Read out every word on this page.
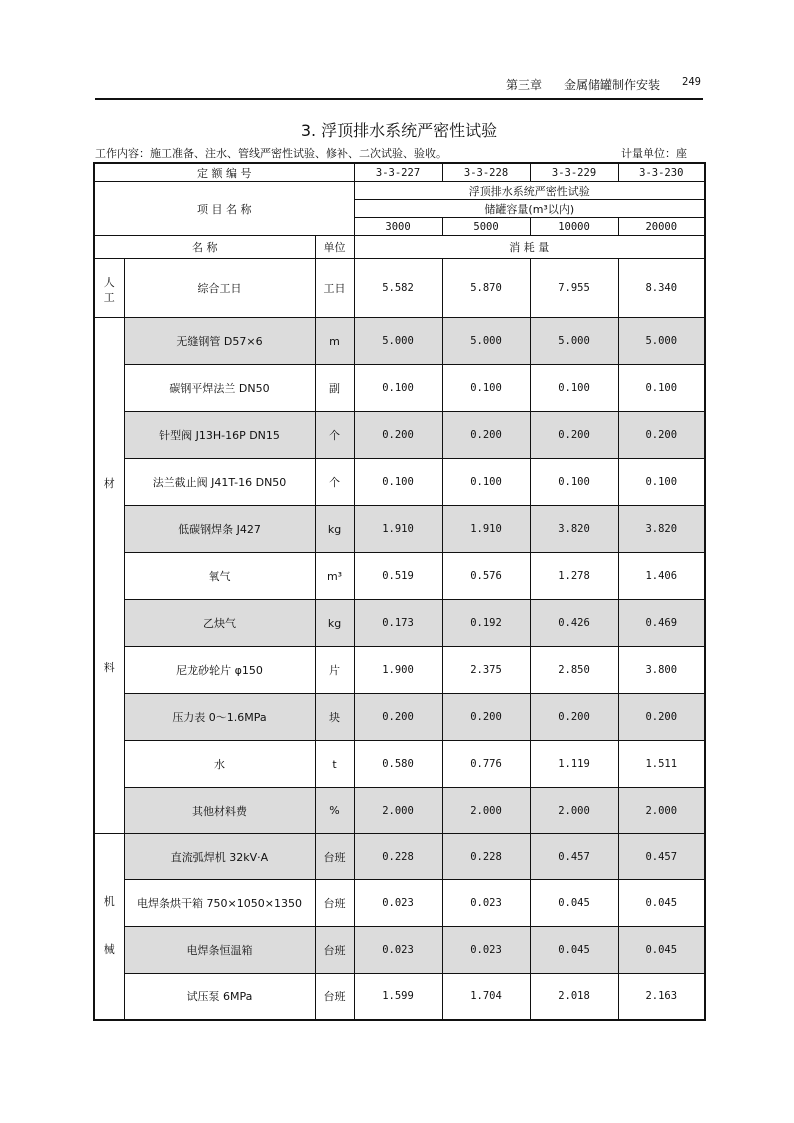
第三章 金属储罐制作安装 249
3. 浮顶排水系统严密性试验
工作内容：施工准备、注水、管线严密性试验、修补、二次试验、验收。	计量单位：座
定 额 编 号			3-3-227	3-3-228	3-3-229	3-3-230
项 目 名 称			浮顶排水系统严密性试验			
			储罐容量(m³以内)			
			3000	5000	10000	20000
名 称		单位	消 耗 量			
人工	综合工日	工日	5.582	5.870	7.955	8.340

材
料	无缝钢管 D57×6	m	5.000	5.000	5.000	5.000
	碳钢平焊法兰 DN50	副	0.100	0.100	0.100	0.100
	针型阀 J13H-16P DN15	个	0.200	0.200	0.200	0.200
	法兰截止阀 J41T-16 DN50	个	0.100	0.100	0.100	0.100
	低碳钢焊条 J427	kg	1.910	1.910	3.820	3.820
	氧气	m³	0.519	0.576	1.278	1.406
	乙炔气	kg	0.173	0.192	0.426	0.469
	尼龙砂轮片 φ150	片	1.900	2.375	2.850	3.800
	压力表 0～1.6MPa	块	0.200	0.200	0.200	0.200
	水	t	0.580	0.776	1.119	1.511
	其他材料费	%	2.000	2.000	2.000	2.000

机
械	直流弧焊机 32kV·A	台班	0.228	0.228	0.457	0.457
	电焊条烘干箱 750×1050×1350	台班	0.023	0.023	0.045	0.045
	电焊条恒温箱	台班	0.023	0.023	0.045	0.045
	试压泵 6MPa	台班	1.599	1.704	2.018	2.163
